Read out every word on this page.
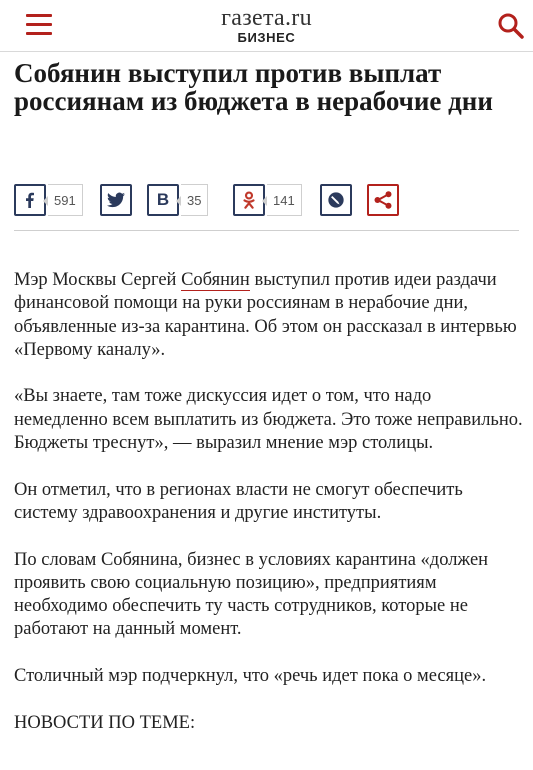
газета.ru
БИЗНЕС
Собянин выступил против выплат россиянам из бюджета в нерабочие дни
591	B	35	141

Мэр Москвы Сергей Собянин выступил против идеи раздачи финансовой помощи на руки россиянам в нерабочие дни, объявленные из-за карантина. Об этом он рассказал в интервью «Первому каналу».

«Вы знаете, там тоже дискуссия идет о том, что надо немедленно всем выплатить из бюджета. Это тоже неправильно. Бюджеты треснут», — выразил мнение мэр столицы.

Он отметил, что в регионах власти не смогут обеспечить систему здравоохранения и другие институты.

По словам Собянина, бизнес в условиях карантина «должен проявить свою социальную позицию», предприятиям необходимо обеспечить ту часть сотрудников, которые не работают на данный момент.

Столичный мэр подчеркнул, что «речь идет пока о месяце».

НОВОСТИ ПО ТЕМЕ:
